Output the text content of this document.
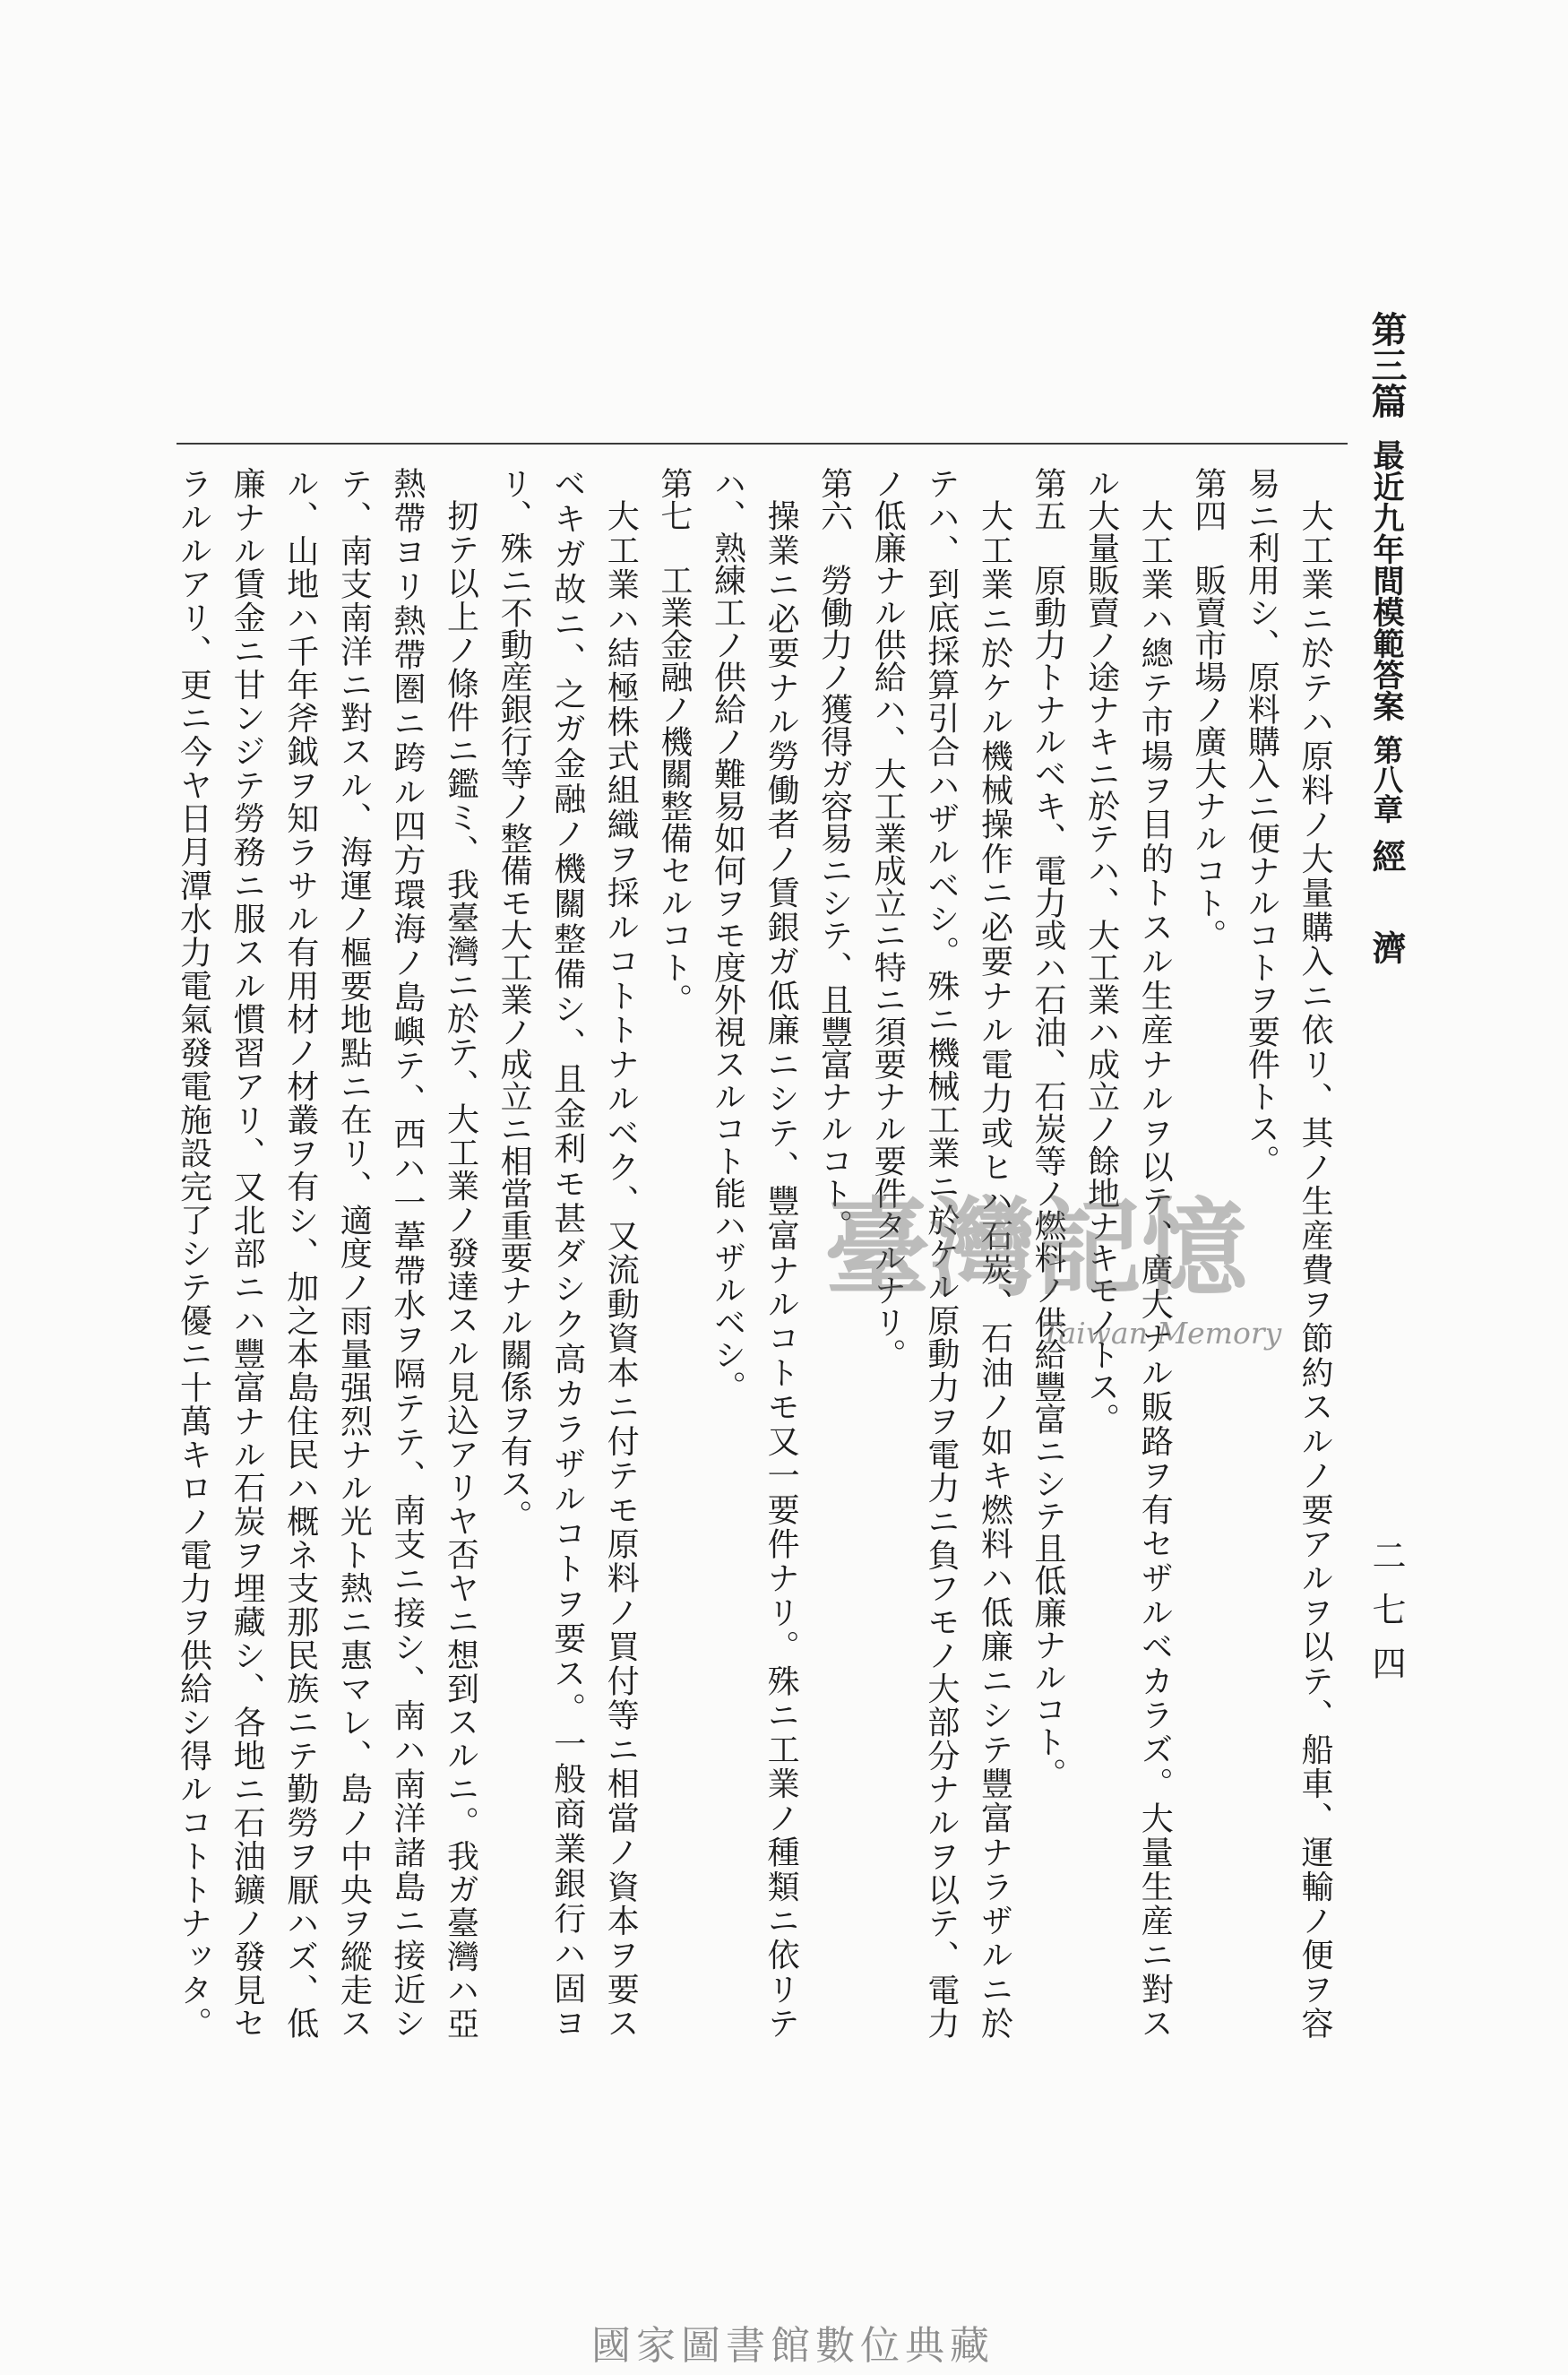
第三篇
最近九年間模範答案
第八章
經濟
二七四
大工業ニ於テハ原料ノ大量購入ニ依リ、其ノ生産費ヲ節約スルノ要アルヲ以テ、船車、運輸ノ便ヲ容
易ニ利用シ、原料購入ニ便ナルコトヲ要件トス。
第四　販賣市場ノ廣大ナルコト。
大工業ハ總テ市場ヲ目的トスル生産ナルヲ以テ、廣大ナル販路ヲ有セザルベカラズ。大量生産ニ對ス
ル大量販賣ノ途ナキニ於テハ、大工業ハ成立ノ餘地ナキモノトス。
第五　原動力トナルベキ、電力或ハ石油、石炭等ノ燃料ノ供給豐富ニシテ且低廉ナルコト。
大工業ニ於ケル機械操作ニ必要ナル電力或ヒハ石炭、石油ノ如キ燃料ハ低廉ニシテ豐富ナラザルニ於
テハ、到底採算引合ハザルベシ。殊ニ機械工業ニ於ケル原動力ヲ電力ニ負フモノ大部分ナルヲ以テ、電力
ノ低廉ナル供給ハ、大工業成立ニ特ニ須要ナル要件タルナリ。
第六　勞働力ノ獲得ガ容易ニシテ、且豐富ナルコト。
操業ニ必要ナル勞働者ノ賃銀ガ低廉ニシテ、豐富ナルコトモ又一要件ナリ。殊ニ工業ノ種類ニ依リテ
ハ、熟練工ノ供給ノ難易如何ヲモ度外視スルコト能ハザルベシ。
第七　工業金融ノ機關整備セルコト。
大工業ハ結極株式組織ヲ採ルコトトナルベク、又流動資本ニ付テモ原料ノ買付等ニ相當ノ資本ヲ要ス
ベキガ故ニ、之ガ金融ノ機關整備シ、且金利モ甚ダシク高カラザルコトヲ要ス。一般商業銀行ハ固ヨ
リ、殊ニ不動産銀行等ノ整備モ大工業ノ成立ニ相當重要ナル關係ヲ有ス。
扨テ以上ノ條件ニ鑑ミ、我臺灣ニ於テ、大工業ノ發達スル見込アリヤ否ヤニ想到スルニ。我ガ臺灣ハ亞
熱帶ヨリ熱帶圏ニ跨ル四方環海ノ島嶼テ、西ハ一葦帶水ヲ隔テテ、南支ニ接シ、南ハ南洋諸島ニ接近シ
テ、南支南洋ニ對スル、海運ノ樞要地點ニ在リ、適度ノ雨量强烈ナル光ト熱ニ惠マレ、島ノ中央ヲ縱走ス
ル、山地ハ千年斧鉞ヲ知ラサル有用材ノ材叢ヲ有シ、加之本島住民ハ概ネ支那民族ニテ勤勞ヲ厭ハズ、低
廉ナル賃金ニ甘ンジテ勞務ニ服スル慣習アリ、又北部ニハ豐富ナル石炭ヲ埋藏シ、各地ニ石油鑛ノ發見セ
ラルルアリ、更ニ今ヤ日月潭水力電氣發電施設完了シテ優ニ十萬キロノ電力ヲ供給シ得ルコトトナッタ。	臺灣記憶
Taiwan Memory
國家圖書館數位典藏
